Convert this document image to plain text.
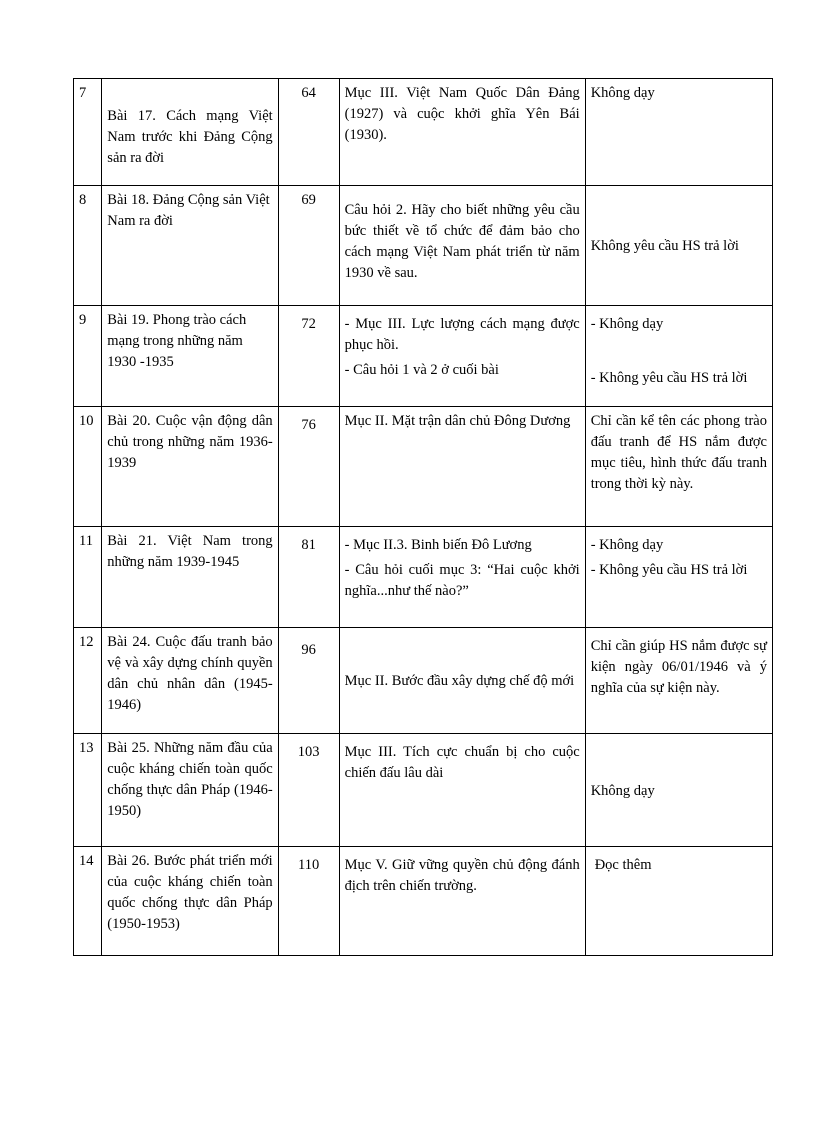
7	Bài 17. Cách mạng Việt Nam trước khi Đảng Cộng sản ra đời	64	Mục III. Việt Nam Quốc Dân Đảng (1927) và cuộc khởi ghĩa Yên Bái (1930).	Không dạy

8	Bài 18. Đảng Cộng sản Việt Nam ra đời	69	Câu hỏi 2. Hãy cho biết những yêu cầu bức thiết về tổ chức để đảm bảo cho cách mạng Việt Nam phát triển từ năm 1930 về sau.	Không yêu cầu HS trả lời

9	Bài 19. Phong trào cách mạng trong những năm 1930 -1935	72	- Mục III. Lực lượng cách mạng được phục hồi.
- Câu hỏi 1 và 2 ở cuối bài	- Không dạy
- Không yêu cầu HS trả lời

10	Bài 20. Cuộc vận động dân chủ trong những năm 1936-1939	76	Mục II. Mặt trận dân chủ Đông Dương	Chỉ cần kể tên các phong trào đấu tranh để HS nắm được mục tiêu, hình thức đấu tranh trong thời kỳ này.

11	Bài 21. Việt Nam trong những năm 1939-1945	81	- Mục II.3. Binh biến Đô Lương
- Câu hỏi cuối mục 3: “Hai cuộc khởi nghĩa...như thế nào?”	- Không dạy
- Không yêu cầu HS trả lời

12	Bài 24. Cuộc đấu tranh bảo vệ và xây dựng chính quyền dân chủ nhân dân (1945-1946)	96	Mục II. Bước đầu xây dựng chế độ mới	Chỉ cần giúp HS nắm được sự kiện ngày 06/01/1946 và ý nghĩa của sự kiện này.

13	Bài 25. Những năm đầu của cuộc kháng chiến toàn quốc chống thực dân Pháp (1946-1950)	103	Mục III. Tích cực chuẩn bị cho cuộc chiến đấu lâu dài	Không dạy

14	Bài 26. Bước phát triển mới của cuộc kháng chiến toàn quốc chống thực dân Pháp (1950-1953)	110	Mục V. Giữ vững quyền chủ động đánh địch trên chiến trường.	Đọc thêm
